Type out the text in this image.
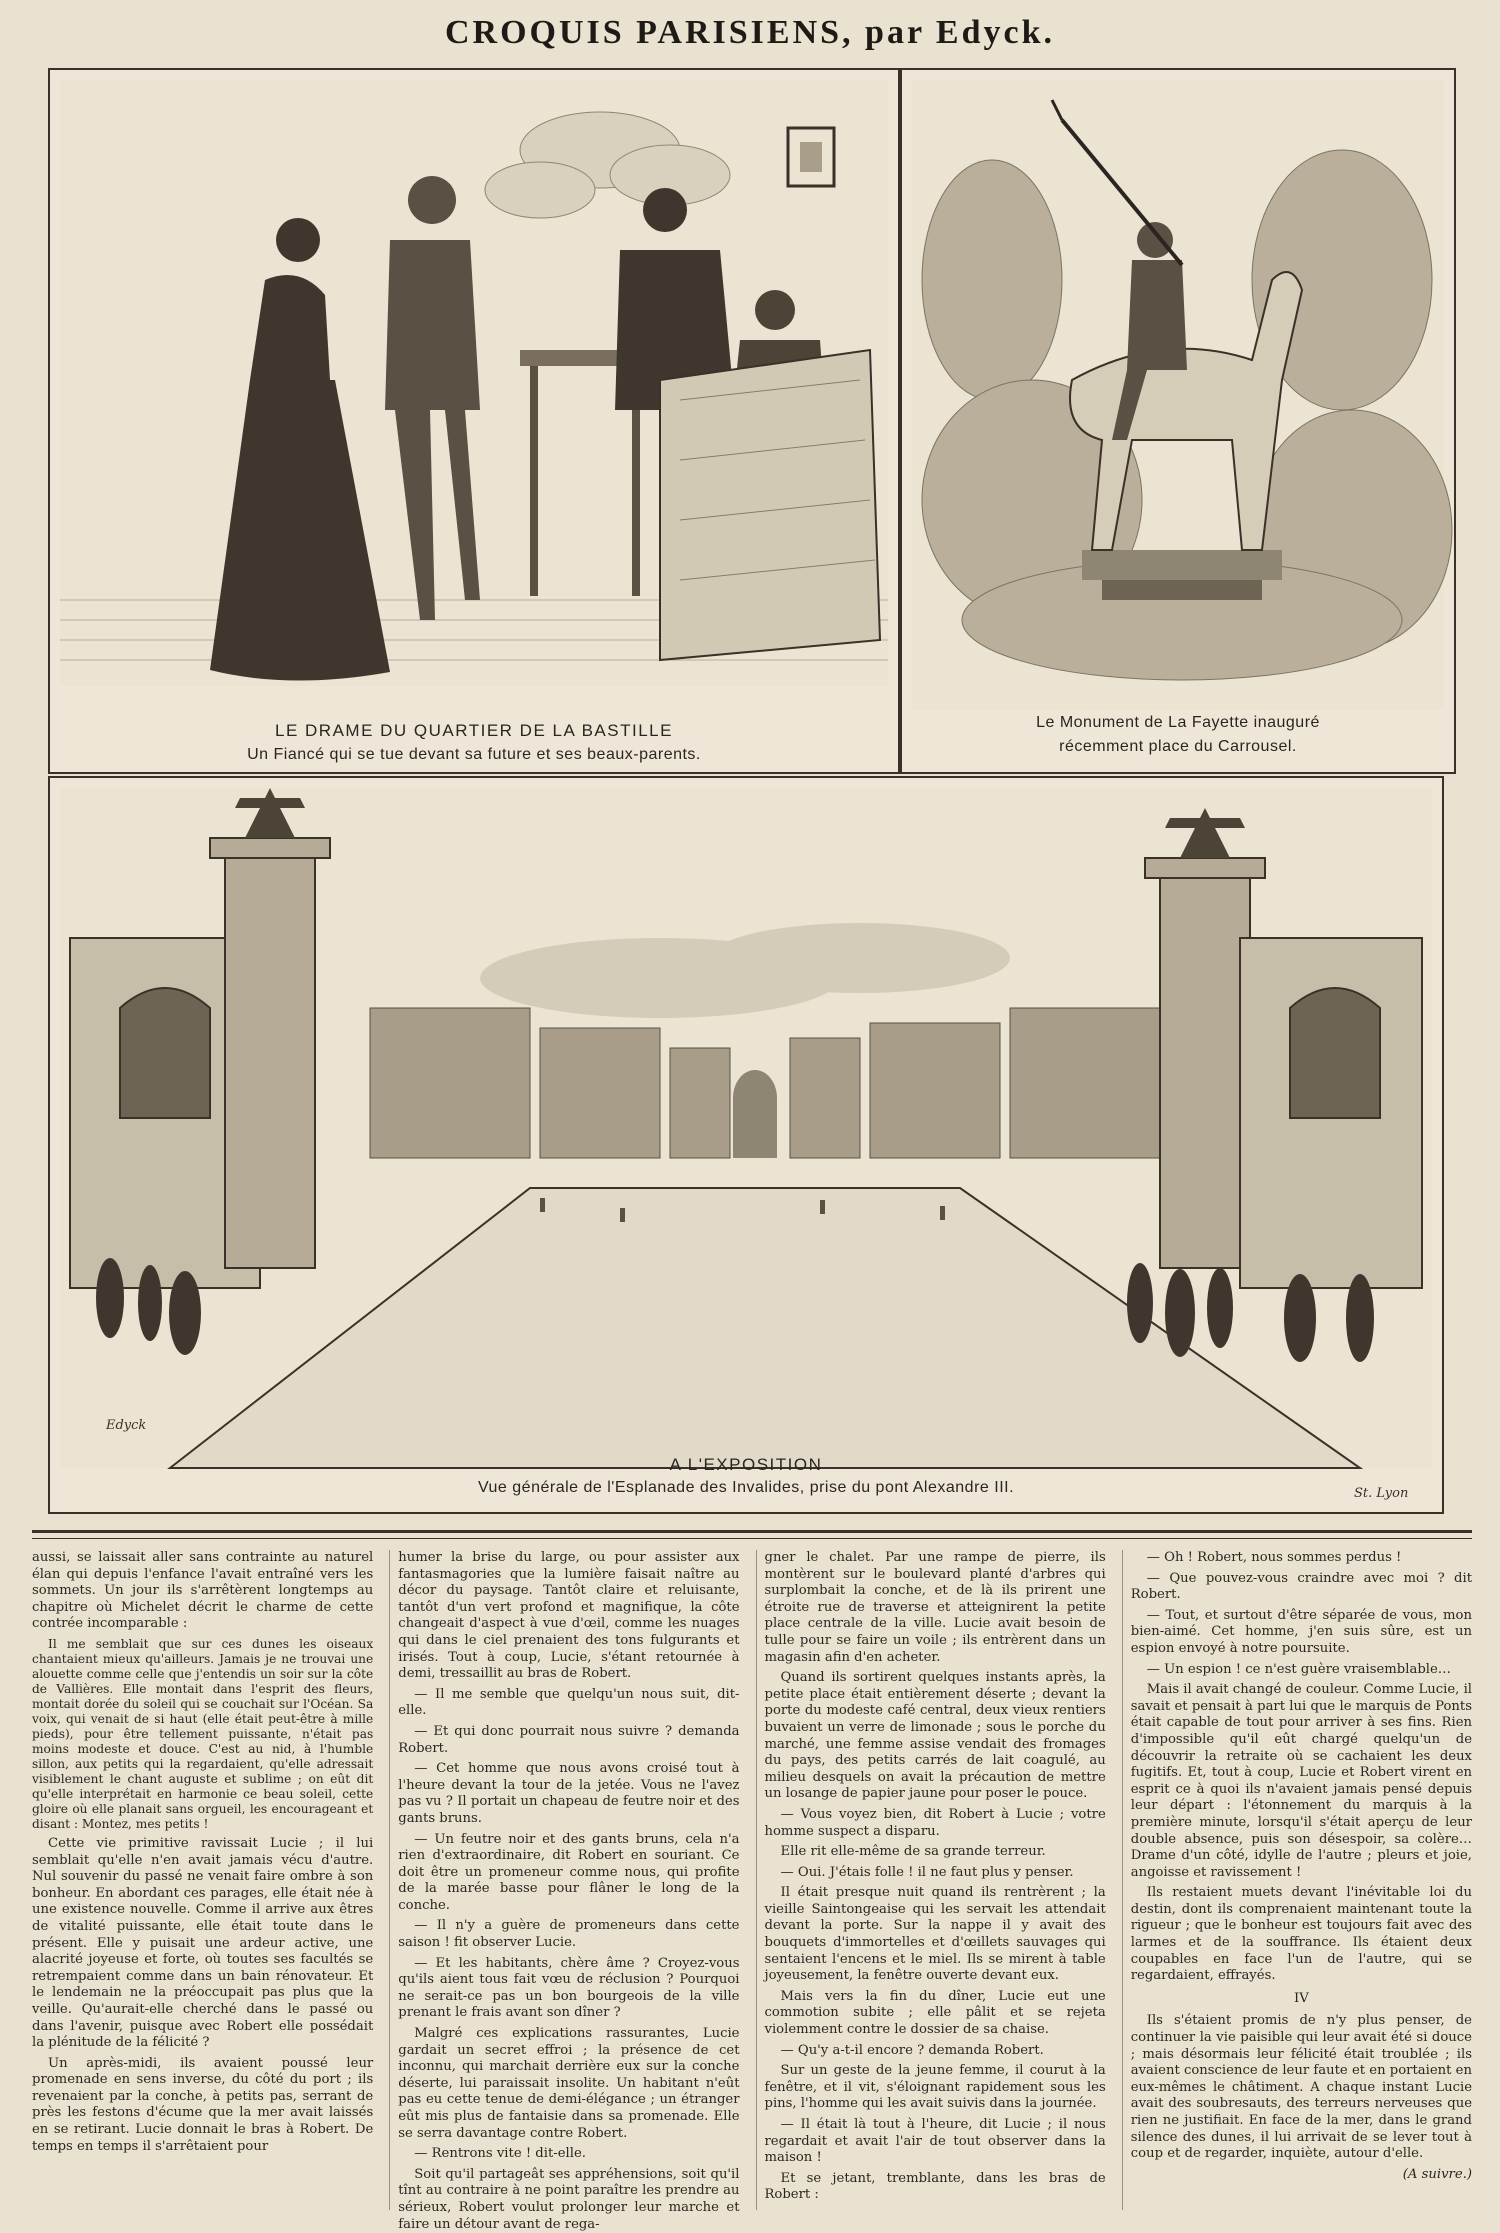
CROQUIS PARISIENS, par Edyck.
LE DRAME DU QUARTIER DE LA BASTILLE
Un Fiancé qui se tue devant sa future et ses beaux-parents.
Le Monument de La Fayette inauguré
récemment place du Carrousel.
Edyck
St. Lyon
A L'EXPOSITION
Vue générale de l'Esplanade des Invalides, prise du pont Alexandre III.

aussi, se laissait aller sans contrainte au naturel élan qui depuis l'enfance l'avait entraîné vers les sommets. Un jour ils s'arrêtèrent longtemps au chapitre où Michelet décrit le charme de cette contrée incomparable :

Il me semblait que sur ces dunes les oiseaux chantaient mieux qu'ailleurs. Jamais je ne trouvai une alouette comme celle que j'entendis un soir sur la côte de Vallières. Elle montait dans l'esprit des fleurs, montait dorée du soleil qui se couchait sur l'Océan. Sa voix, qui venait de si haut (elle était peut-être à mille pieds), pour être tellement puissante, n'était pas moins modeste et douce. C'est au nid, à l'humble sillon, aux petits qui la regardaient, qu'elle adressait visiblement le chant auguste et sublime ; on eût dit qu'elle interprétait en harmonie ce beau soleil, cette gloire où elle planait sans orgueil, les encourageant et disant : Montez, mes petits !

Cette vie primitive ravissait Lucie ; il lui semblait qu'elle n'en avait jamais vécu d'autre. Nul souvenir du passé ne venait faire ombre à son bonheur. En abordant ces parages, elle était née à une existence nouvelle. Comme il arrive aux êtres de vitalité puissante, elle était toute dans le présent. Elle y puisait une ardeur active, une alacrité joyeuse et forte, où toutes ses facultés se retrempaient comme dans un bain rénovateur. Et le lendemain ne la préoccupait pas plus que la veille. Qu'aurait-elle cherché dans le passé ou dans l'avenir, puisque avec Robert elle possédait la plénitude de la félicité ?

Un après-midi, ils avaient poussé leur promenade en sens inverse, du côté du port ; ils revenaient par la conche, à petits pas, serrant de près les festons d'écume que la mer avait laissés en se retirant. Lucie donnait le bras à Robert. De temps en temps il s'arrêtaient pour

humer la brise du large, ou pour assister aux fantasmagories que la lumière faisait naître au décor du paysage. Tantôt claire et reluisante, tantôt d'un vert profond et magnifique, la côte changeait d'aspect à vue d'œil, comme les nuages qui dans le ciel prenaient des tons fulgurants et irisés. Tout à coup, Lucie, s'étant retournée à demi, tressaillit au bras de Robert.

— Il me semble que quelqu'un nous suit, dit-elle.

— Et qui donc pourrait nous suivre ? demanda Robert.

— Cet homme que nous avons croisé tout à l'heure devant la tour de la jetée. Vous ne l'avez pas vu ? Il portait un chapeau de feutre noir et des gants bruns.

— Un feutre noir et des gants bruns, cela n'a rien d'extraordinaire, dit Robert en souriant. Ce doit être un promeneur comme nous, qui profite de la marée basse pour flâner le long de la conche.

— Il n'y a guère de promeneurs dans cette saison ! fit observer Lucie.

— Et les habitants, chère âme ? Croyez-vous qu'ils aient tous fait vœu de réclusion ? Pourquoi ne serait-ce pas un bon bourgeois de la ville prenant le frais avant son dîner ?

Malgré ces explications rassurantes, Lucie gardait un secret effroi ; la présence de cet inconnu, qui marchait derrière eux sur la conche déserte, lui paraissait insolite. Un habitant n'eût pas eu cette tenue de demi-élégance ; un étranger eût mis plus de fantaisie dans sa promenade. Elle se serra davantage contre Robert.

— Rentrons vite ! dit-elle.

Soit qu'il partageât ses appréhensions, soit qu'il tînt au contraire à ne point paraître les prendre au sérieux, Robert voulut prolonger leur marche et faire un détour avant de rega-

gner le chalet. Par une rampe de pierre, ils montèrent sur le boulevard planté d'arbres qui surplombait la conche, et de là ils prirent une étroite rue de traverse et atteignirent la petite place centrale de la ville. Lucie avait besoin de tulle pour se faire un voile ; ils entrèrent dans un magasin afin d'en acheter.

Quand ils sortirent quelques instants après, la petite place était entièrement déserte ; devant la porte du modeste café central, deux vieux rentiers buvaient un verre de limonade ; sous le porche du marché, une femme assise vendait des fromages du pays, des petits carrés de lait coagulé, au milieu desquels on avait la précaution de mettre un losange de papier jaune pour poser le pouce.

— Vous voyez bien, dit Robert à Lucie ; votre homme suspect a disparu.

Elle rit elle-même de sa grande terreur.

— Oui. J'étais folle ! il ne faut plus y penser.

Il était presque nuit quand ils rentrèrent ; la vieille Saintongeaise qui les servait les attendait devant la porte. Sur la nappe il y avait des bouquets d'immortelles et d'œillets sauvages qui sentaient l'encens et le miel. Ils se mirent à table joyeusement, la fenêtre ouverte devant eux.

Mais vers la fin du dîner, Lucie eut une commotion subite ; elle pâlit et se rejeta violemment contre le dossier de sa chaise.

— Qu'y a-t-il encore ? demanda Robert.

Sur un geste de la jeune femme, il courut à la fenêtre, et il vit, s'éloignant rapidement sous les pins, l'homme qui les avait suivis dans la journée.

— Il était là tout à l'heure, dit Lucie ; il nous regardait et avait l'air de tout observer dans la maison !

Et se jetant, tremblante, dans les bras de Robert :

— Oh ! Robert, nous sommes perdus !

— Que pouvez-vous craindre avec moi ? dit Robert.

— Tout, et surtout d'être séparée de vous, mon bien-aimé. Cet homme, j'en suis sûre, est un espion envoyé à notre poursuite.

— Un espion ! ce n'est guère vraisemblable…

Mais il avait changé de couleur. Comme Lucie, il savait et pensait à part lui que le marquis de Ponts était capable de tout pour arriver à ses fins. Rien d'impossible qu'il eût chargé quelqu'un de découvrir la retraite où se cachaient les deux fugitifs. Et, tout à coup, Lucie et Robert virent en esprit ce à quoi ils n'avaient jamais pensé depuis leur départ : l'étonnement du marquis à la première minute, lorsqu'il s'était aperçu de leur double absence, puis son désespoir, sa colère… Drame d'un côté, idylle de l'autre ; pleurs et joie, angoisse et ravissement !

Ils restaient muets devant l'inévitable loi du destin, dont ils comprenaient maintenant toute la rigueur ; que le bonheur est toujours fait avec des larmes et de la souffrance. Ils étaient deux coupables en face l'un de l'autre, qui se regardaient, effrayés.

IV

Ils s'étaient promis de n'y plus penser, de continuer la vie paisible qui leur avait été si douce ; mais désormais leur félicité était troublée ; ils avaient conscience de leur faute et en portaient en eux-mêmes le châtiment. A chaque instant Lucie avait des soubresauts, des terreurs nerveuses que rien ne justifiait. En face de la mer, dans le grand silence des dunes, il lui arrivait de se lever tout à coup et de regarder, inquiète, autour d'elle.

(A suivre.)
